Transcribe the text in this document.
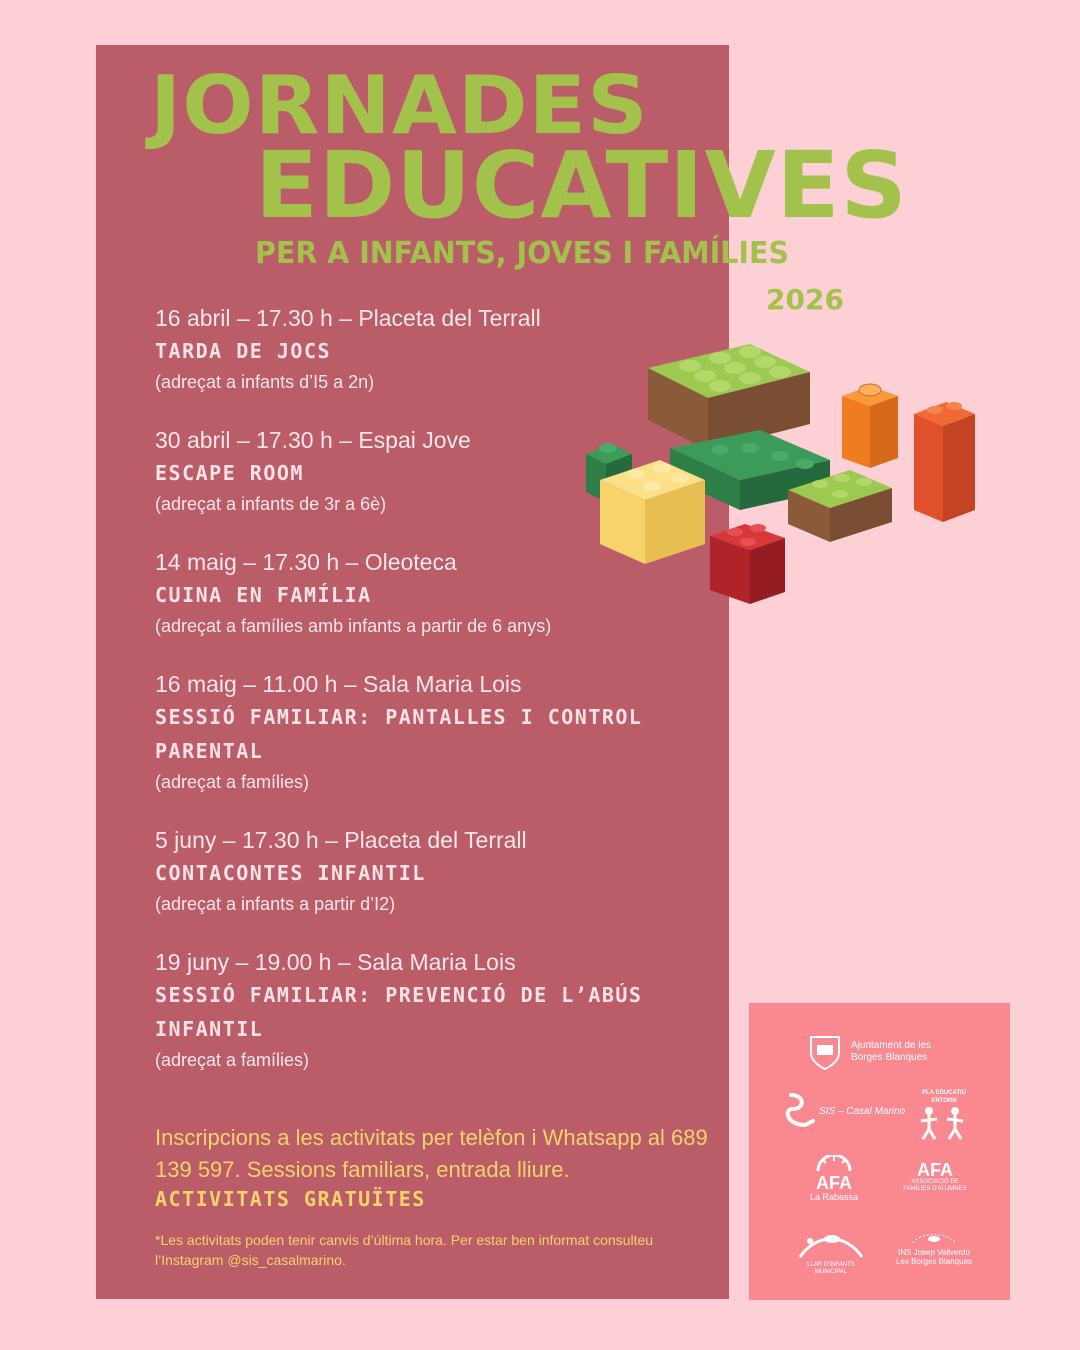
JORNADES
EDUCATIVES
PER A INFANTS, JOVES I FAMÍLIES
2026
16 abril – 17.30 h – Placeta del Terrall
TARDA DE JOCS
(adreçat a infants d’I5 a 2n)
30 abril – 17.30 h – Espai Jove
ESCAPE ROOM
(adreçat a infants de 3r a 6è)
14 maig – 17.30 h – Oleoteca
CUINA EN FAMÍLIA
(adreçat a famílies amb infants a partir de 6 anys)
16 maig – 11.00 h – Sala Maria Lois
SESSIÓ FAMILIAR: PANTALLES I CONTROL PARENTAL
(adreçat a famílies)
5 juny – 17.30 h – Placeta del Terrall
CONTACONTES INFANTIL
(adreçat a infants a partir d’I2)
19 juny – 19.00 h – Sala Maria Lois
SESSIÓ FAMILIAR: PREVENCIÓ DE L’ABÚS INFANTIL
(adreçat a famílies)
Inscripcions a les activitats per telèfon i Whatsapp al 689 139 597. Sessions familiars, entrada lliure.
ACTIVITATS GRATUÏTES
*Les activitats poden tenir canvis d’última hora. Per estar ben informat consulteu l’Instagram @sis_casalmarino.
Ajuntament de les Borges Blanques
SIS – Casal Marino
PLA EDUCATIU ENTORN
AFA
La Rabassa
AFA
ASSOCIACIÓ DE FAMÍLIES D'ALUMNES
LLAR D'INFANTS MUNICIPAL
INS Josep Vallverdú Les Borges Blanques
